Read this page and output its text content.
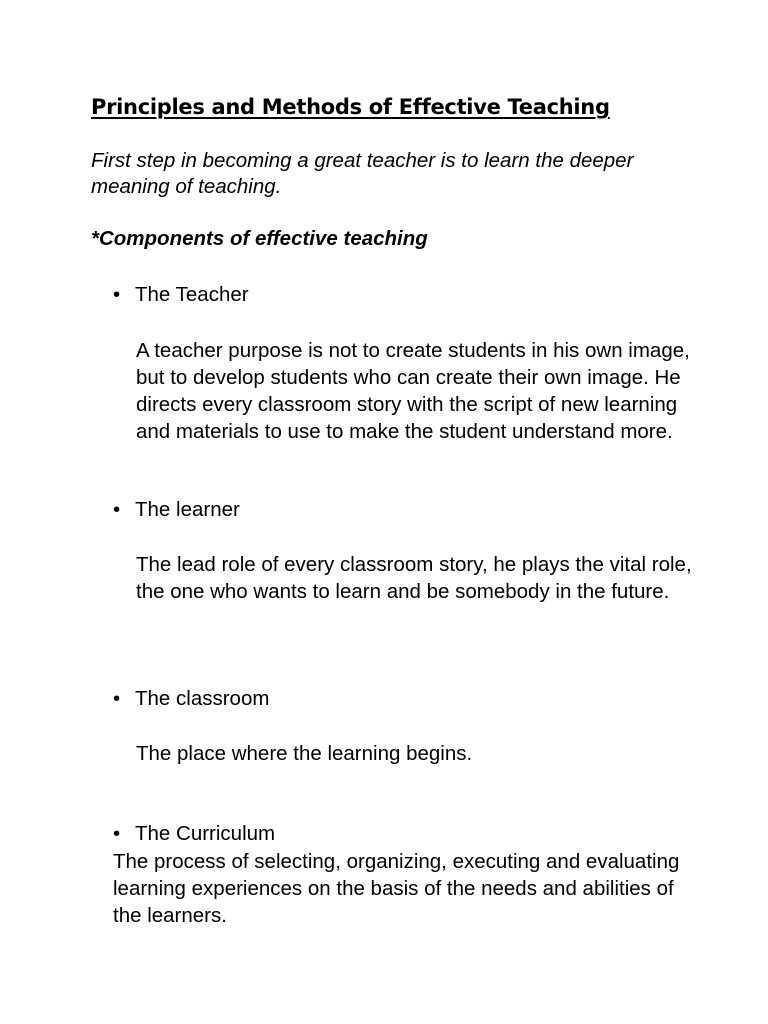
Principles and Methods of Effective Teaching

First step in becoming a great teacher is to learn the deeper meaning of teaching.

*Components of effective teaching

• The Teacher

A teacher purpose is not to create students in his own image, but to develop students who can create their own image. He directs every classroom story with the script of new learning and materials to use to make the student understand more.

• The learner

The lead role of every classroom story, he plays the vital role, the one who wants to learn and be somebody in the future.

• The classroom

The place where the learning begins.

• The Curriculum

The process of selecting, organizing, executing and evaluating learning experiences on the basis of the needs and abilities of the learners.
